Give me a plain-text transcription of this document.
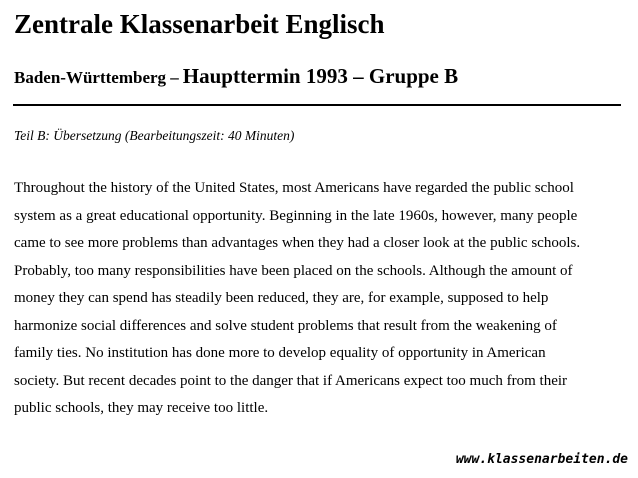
Zentrale Klassenarbeit Englisch
Baden-Württemberg – Haupttermin 1993 – Gruppe B

Teil B: Übersetzung (Bearbeitungszeit: 40 Minuten)

Throughout the history of the United States, most Americans have regarded the public school
system as a great educational opportunity. Beginning in the late 1960s, however, many people
came to see more problems than advantages when they had a closer look at the public schools.
Probably, too many responsibilities have been placed on the schools. Although the amount of
money they can spend has steadily been reduced, they are, for example, supposed to help
harmonize social differences and solve student problems that result from the weakening of
family ties. No institution has done more to develop equality of opportunity in American
society. But recent decades point to the danger that if Americans expect too much from their
public schools, they may receive too little.
www.klassenarbeiten.de
